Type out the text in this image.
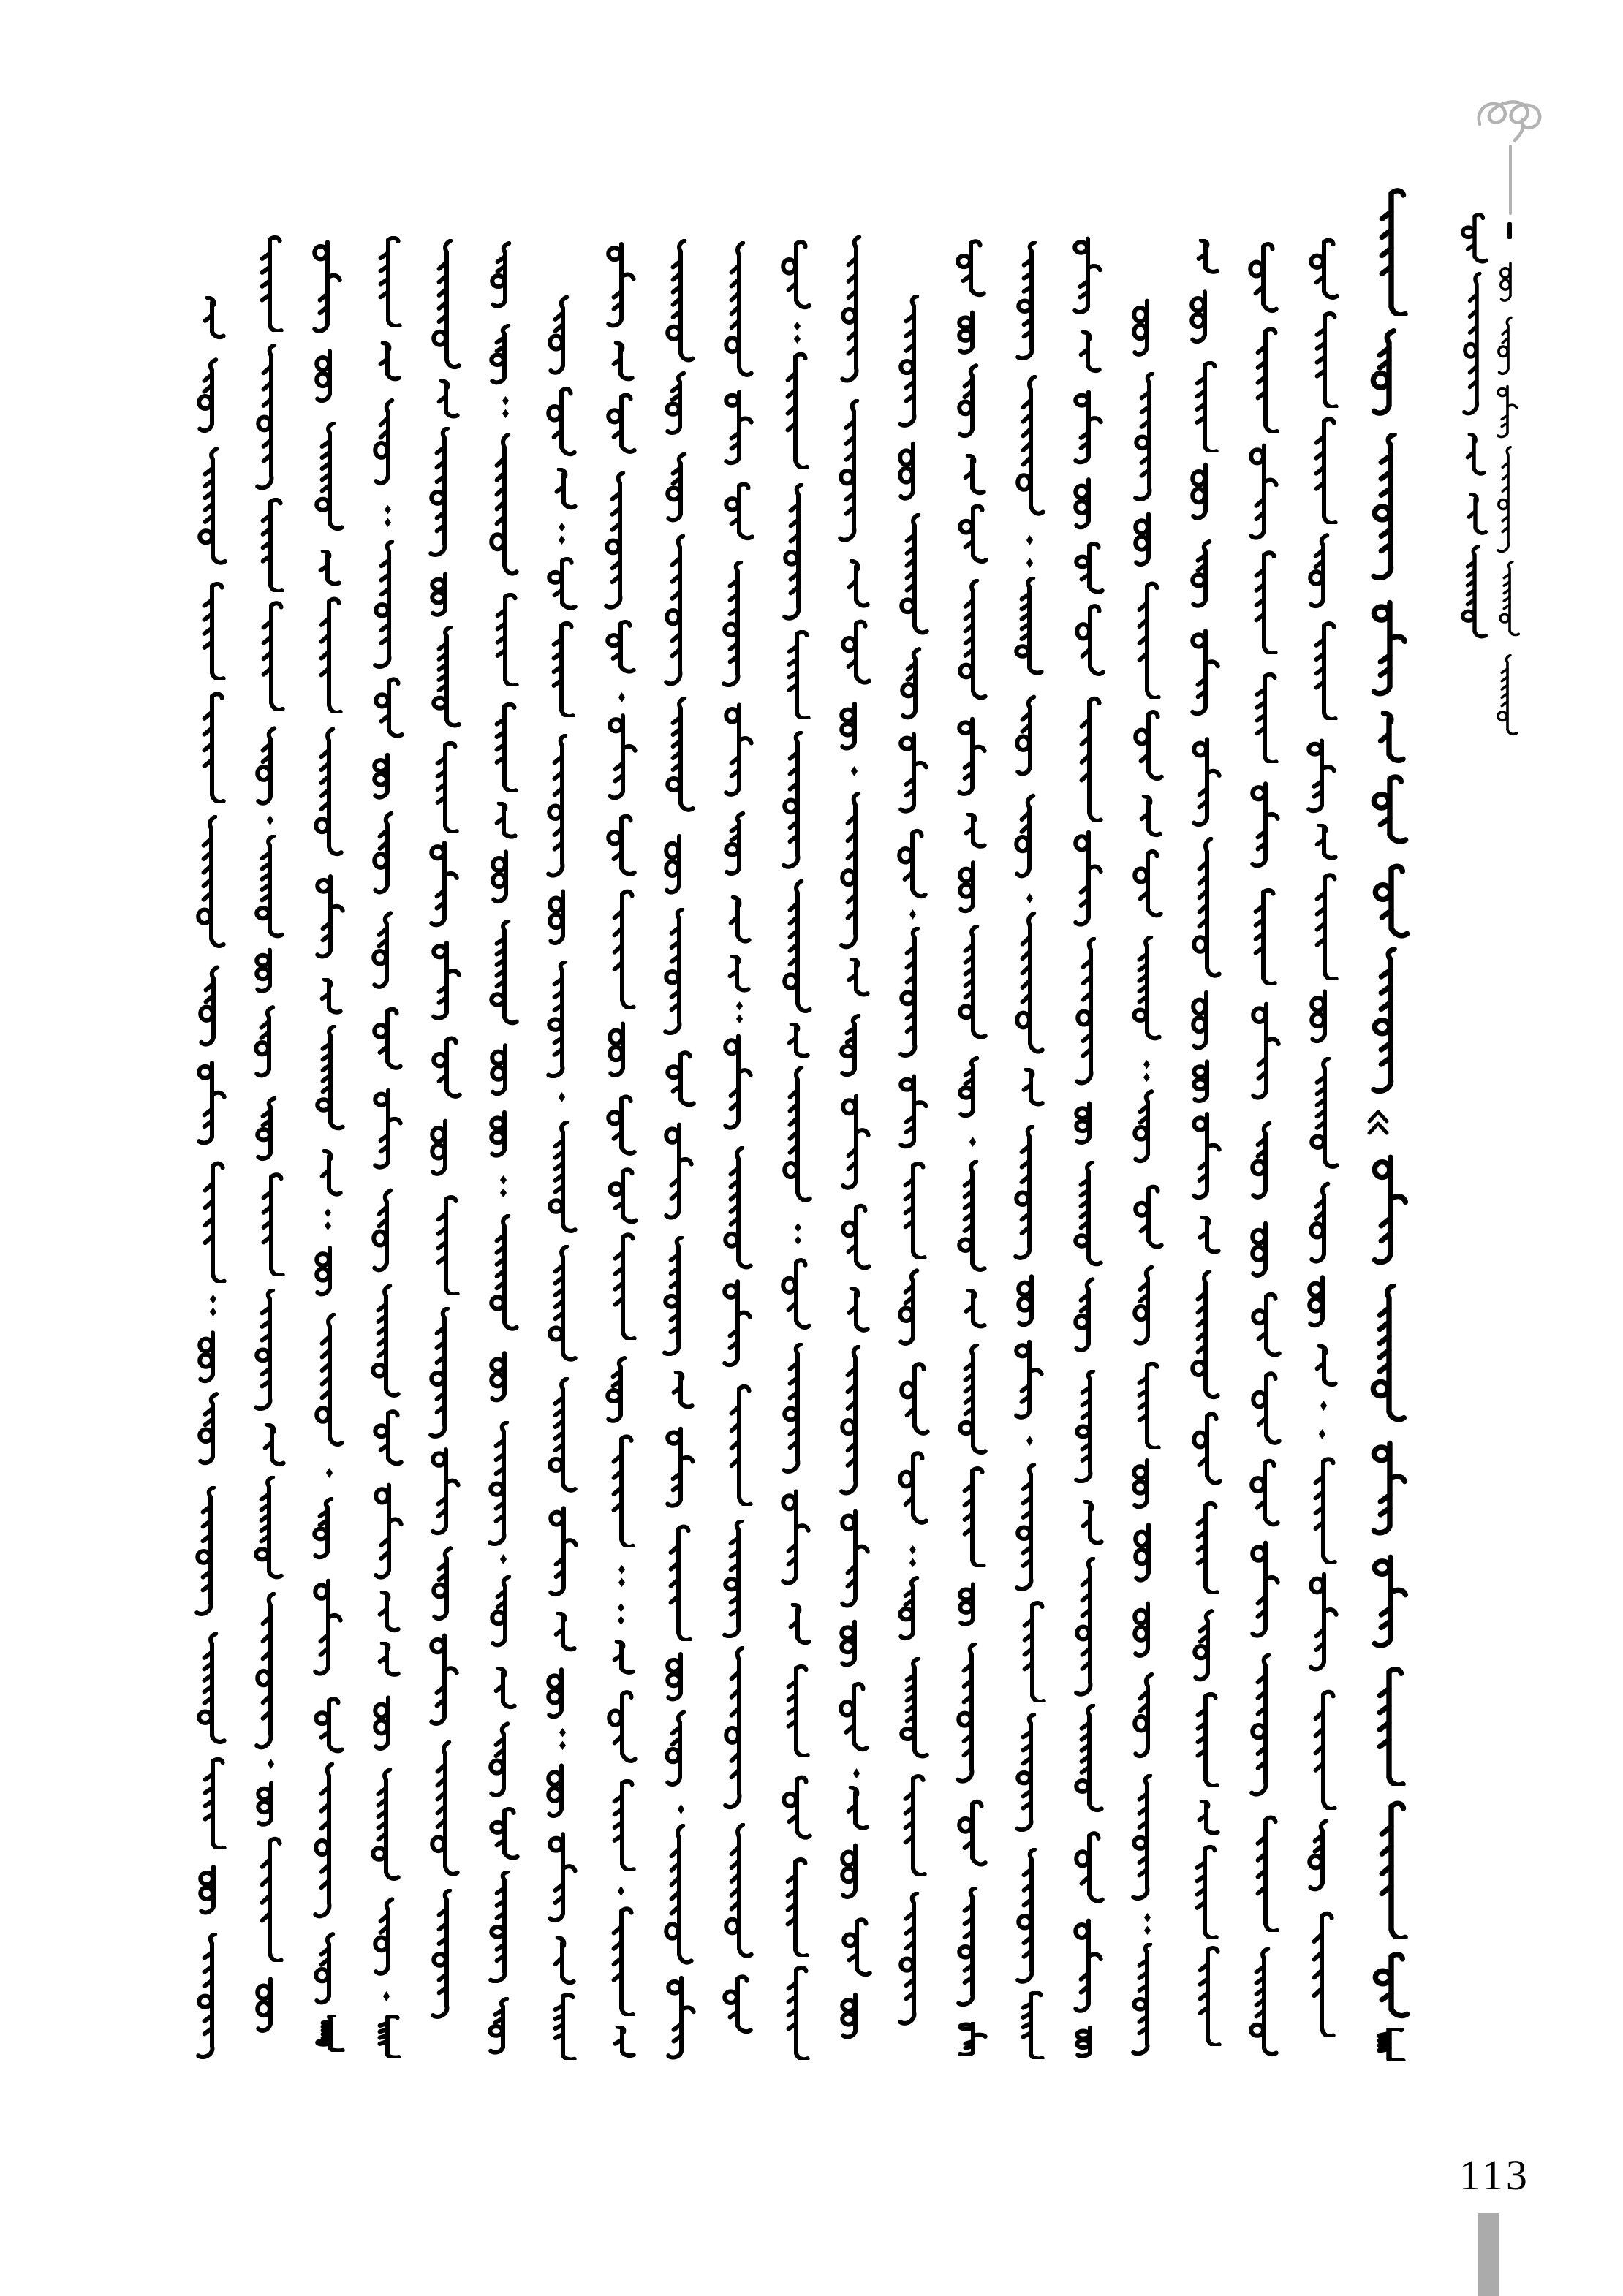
113
